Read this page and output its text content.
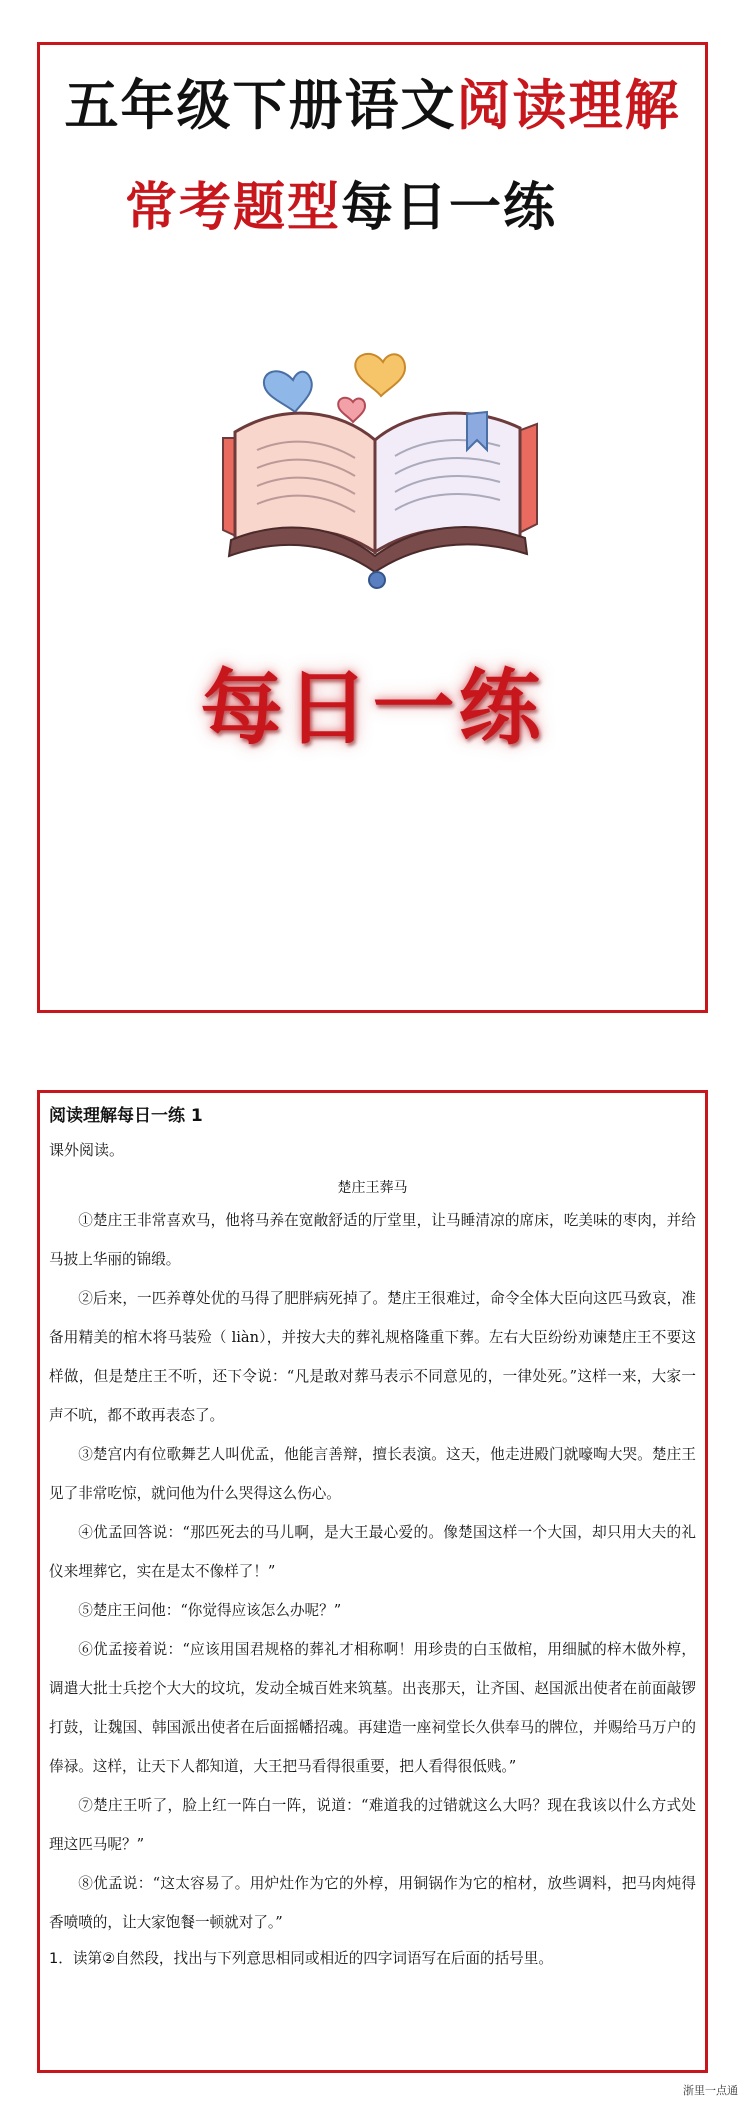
五年级下册语文阅读理解
常考题型每日一练
每日一练
阅读理解每日一练 1
课外阅读。
楚庄王葬马

①楚庄王非常喜欢马，他将马养在宽敞舒适的厅堂里，让马睡清凉的席床，吃美味的枣肉，并给马披上华丽的锦缎。

②后来，一匹养尊处优的马得了肥胖病死掉了。楚庄王很难过，命令全体大臣向这匹马致哀，准备用精美的棺木将马装殓（ liàn），并按大夫的葬礼规格隆重下葬。左右大臣纷纷劝谏楚庄王不要这样做，但是楚庄王不听，还下令说：“凡是敢对葬马表示不同意见的，一律处死。”这样一来，大家一声不吭，都不敢再表态了。

③楚宫内有位歌舞艺人叫优孟，他能言善辩，擅长表演。这天，他走进殿门就嚎啕大哭。楚庄王见了非常吃惊，就问他为什么哭得这么伤心。

④优孟回答说：“那匹死去的马儿啊，是大王最心爱的。像楚国这样一个大国，却只用大夫的礼仪来埋葬它，实在是太不像样了！”

⑤楚庄王问他：“你觉得应该怎么办呢？”

⑥优孟接着说：“应该用国君规格的葬礼才相称啊！用珍贵的白玉做棺，用细腻的梓木做外椁，调遣大批士兵挖个大大的坟坑，发动全城百姓来筑墓。出丧那天，让齐国、赵国派出使者在前面敲锣打鼓，让魏国、韩国派出使者在后面摇幡招魂。再建造一座祠堂长久供奉马的牌位，并赐给马万户的俸禄。这样，让天下人都知道，大王把马看得很重要，把人看得很低贱。”

⑦楚庄王听了，脸上红一阵白一阵，说道：“难道我的过错就这么大吗？现在我该以什么方式处理这匹马呢？”

⑧优孟说：“这太容易了。用炉灶作为它的外椁，用铜锅作为它的棺材，放些调料，把马肉炖得香喷喷的，让大家饱餐一顿就对了。”

1．读第②自然段，找出与下列意思相同或相近的四字词语写在后面的括号里。
浙里一点通
